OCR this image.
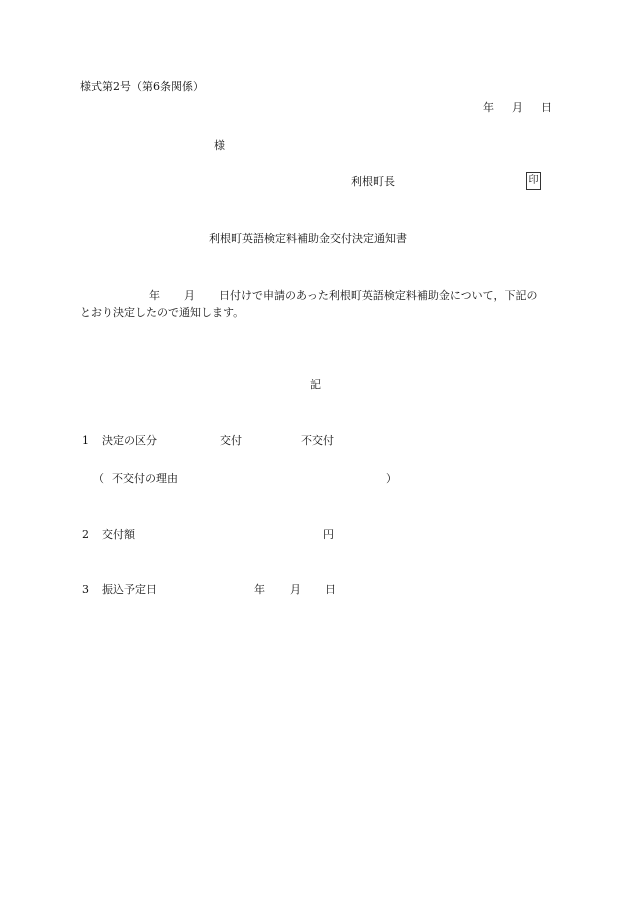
様式第2号（第6条関係）
年 月 日
様
利根町長	印
利根町英語検定料補助金交付決定通知書
年 月 日付けで申請のあった利根町英語検定料補助金について，下記の
とおり決定したので通知します。
記
1 決定の区分	交付	不交付
（ 不交付の理由	）
2 交付額	円
3 振込予定日	年 月 日
